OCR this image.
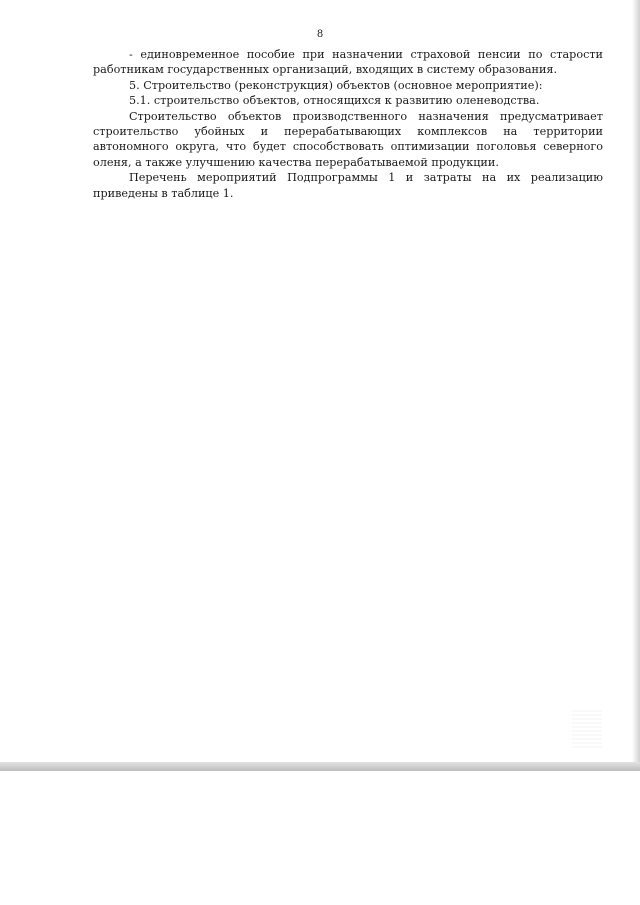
8

- единовременное пособие при назначении страховой пенсии по старости работникам государственных организаций, входящих в систему образования.

5. Строительство (реконструкция) объектов (основное мероприятие):

5.1. строительство объектов, относящихся к развитию оленеводства.

Строительство объектов производственного назначения предусматривает строительство убойных и перерабатывающих комплексов на территории автономного округа, что будет способствовать оптимизации поголовья северного оленя, а также улучшению качества перерабатываемой продукции.

Перечень мероприятий Подпрограммы 1 и затраты на их реализацию приведены в таблице 1.
